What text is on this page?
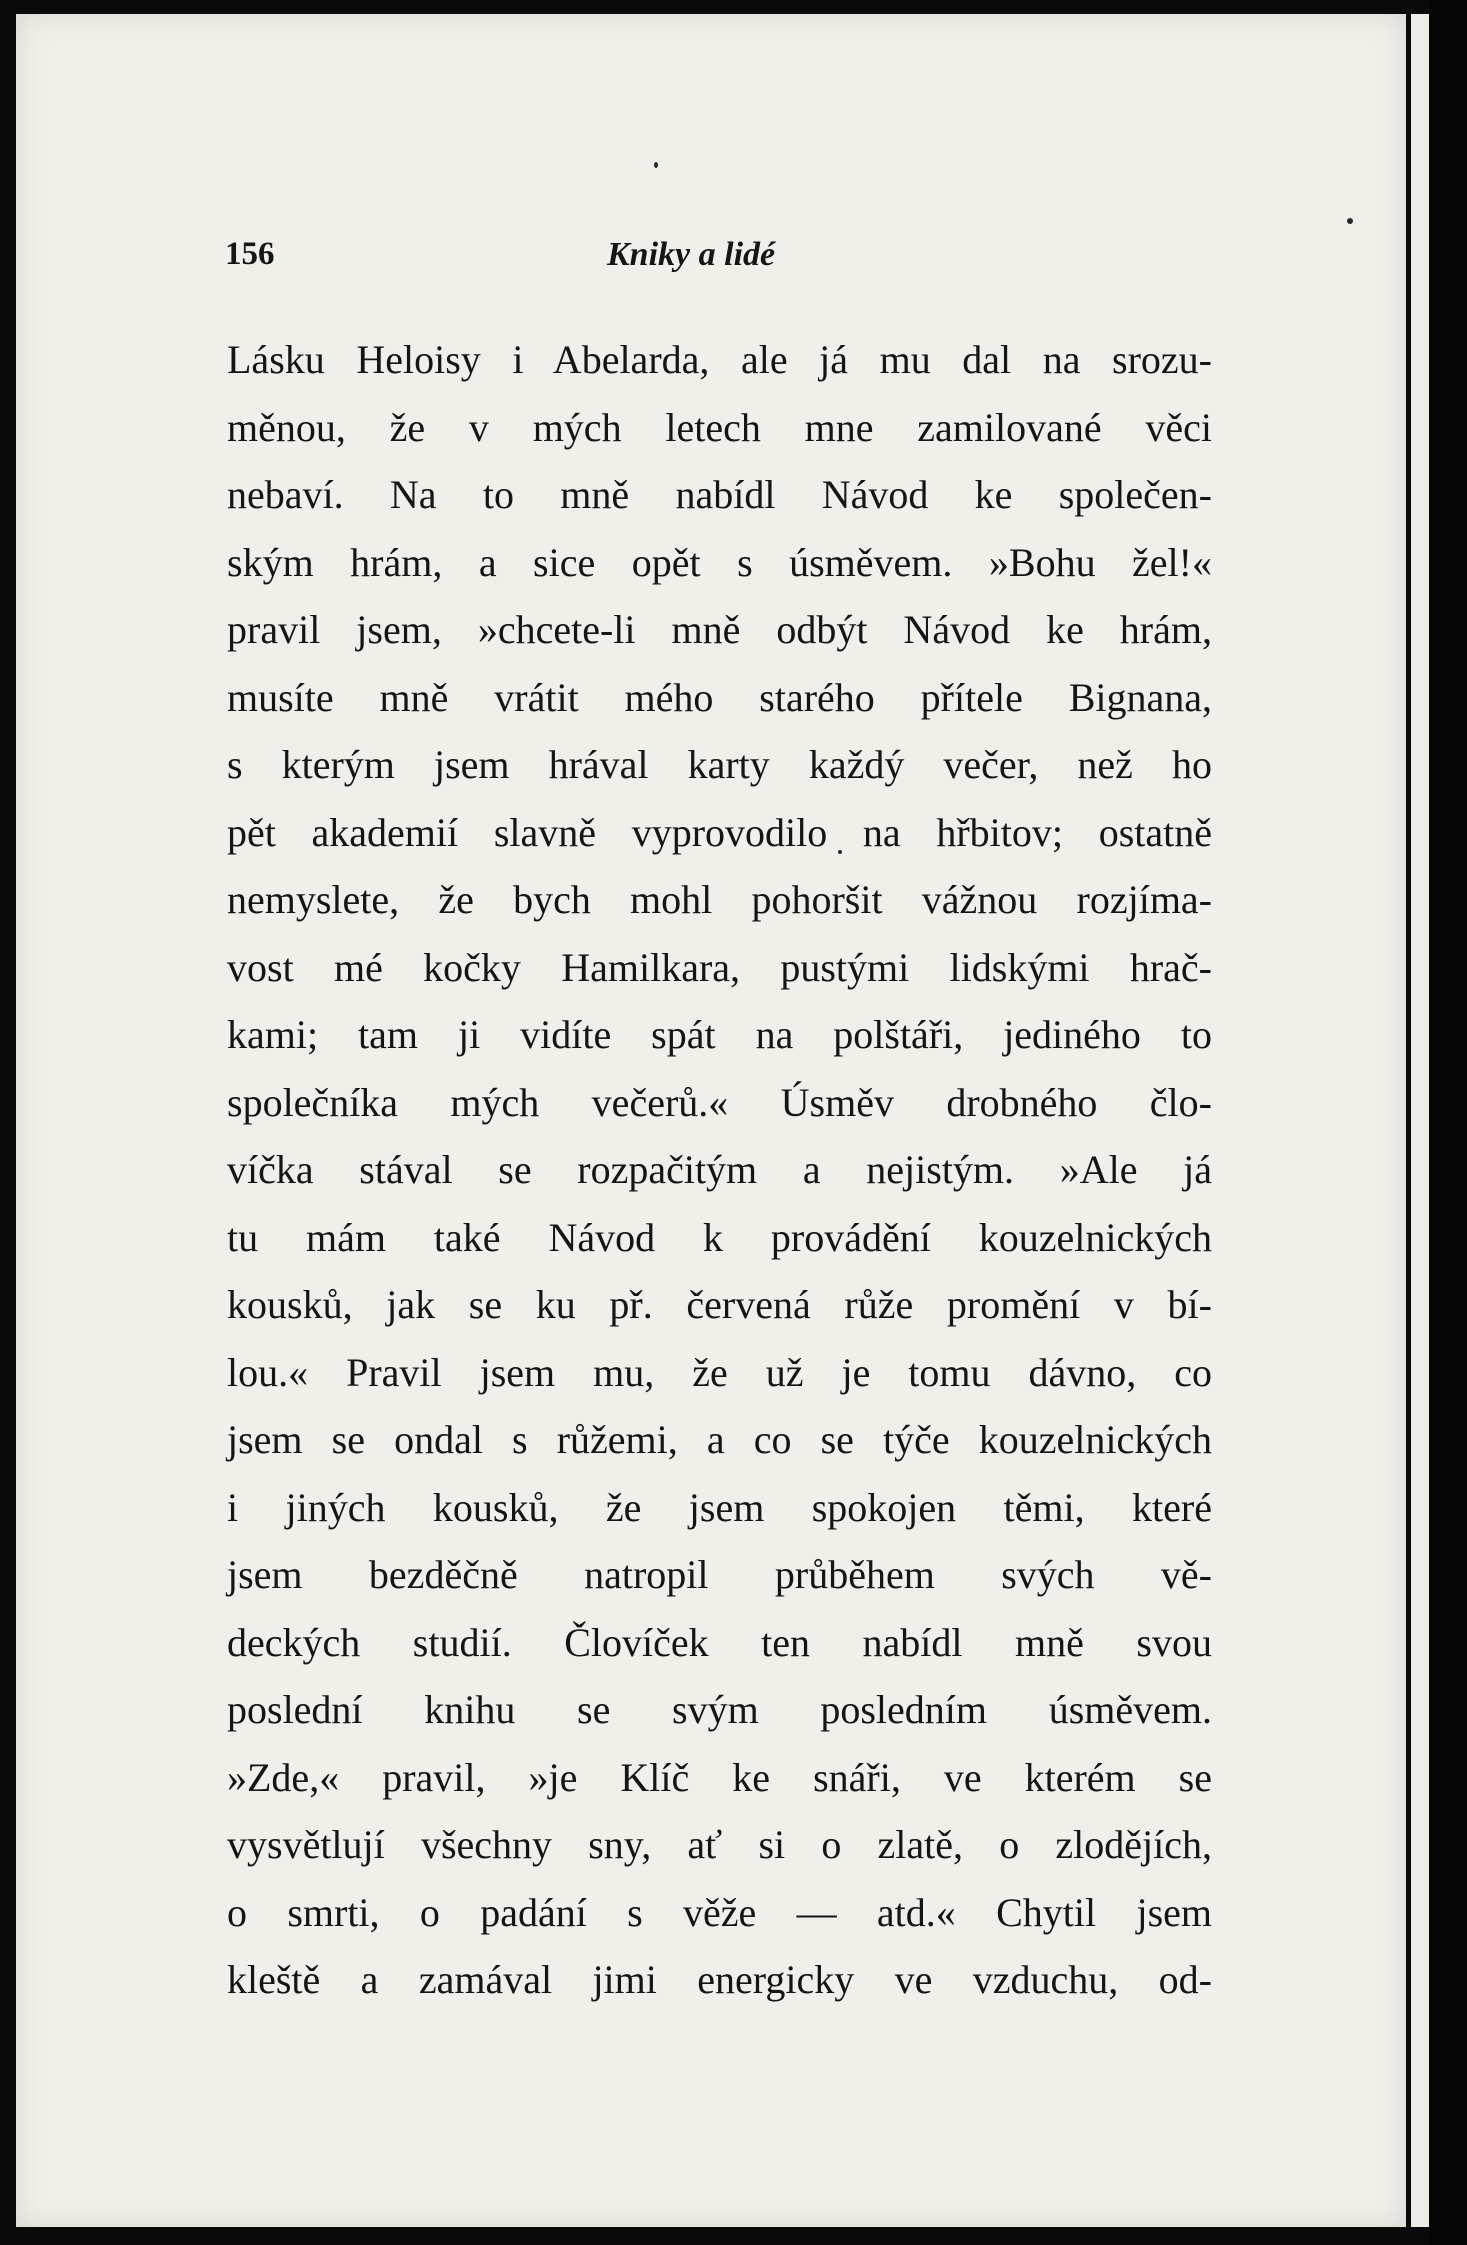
156	Kniky a lidé
Lásku Heloisy i Abelarda, ale já mu dal na srozu-
měnou, že v mých letech mne zamilované věci
nebaví. Na to mně nabídl Návod ke společen-
ským hrám, a sice opět s úsměvem. »Bohu žel!«
pravil jsem, »chcete-li mně odbýt Návod ke hrám,
musíte mně vrátit mého starého přítele Bignana,
s kterým jsem hrával karty každý večer, než ho
pět akademií slavně vyprovodilo na hřbitov; ostatně
nemyslete, že bych mohl pohoršit vážnou rozjíma-
vost mé kočky Hamilkara, pustými lidskými hrač-
kami; tam ji vidíte spát na polštáři, jediného to
společníka mých večerů.« Úsměv drobného člo-
víčka stával se rozpačitým a nejistým. »Ale já
tu mám také Návod k provádění kouzelnických
kousků, jak se ku př. červená růže promění v bí-
lou.« Pravil jsem mu, že už je tomu dávno, co
jsem se ondal s růžemi, a co se týče kouzelnických
i jiných kousků, že jsem spokojen těmi, které
jsem bezděčně natropil průběhem svých vě-
deckých studií. Človíček ten nabídl mně svou
poslední knihu se svým posledním úsměvem.
»Zde,« pravil, »je Klíč ke snáři, ve kterém se
vysvětlují všechny sny, ať si o zlatě, o zlodějích,
o smrti, o padání s věže — atd.« Chytil jsem
kleště a zamával jimi energicky ve vzduchu, od-
